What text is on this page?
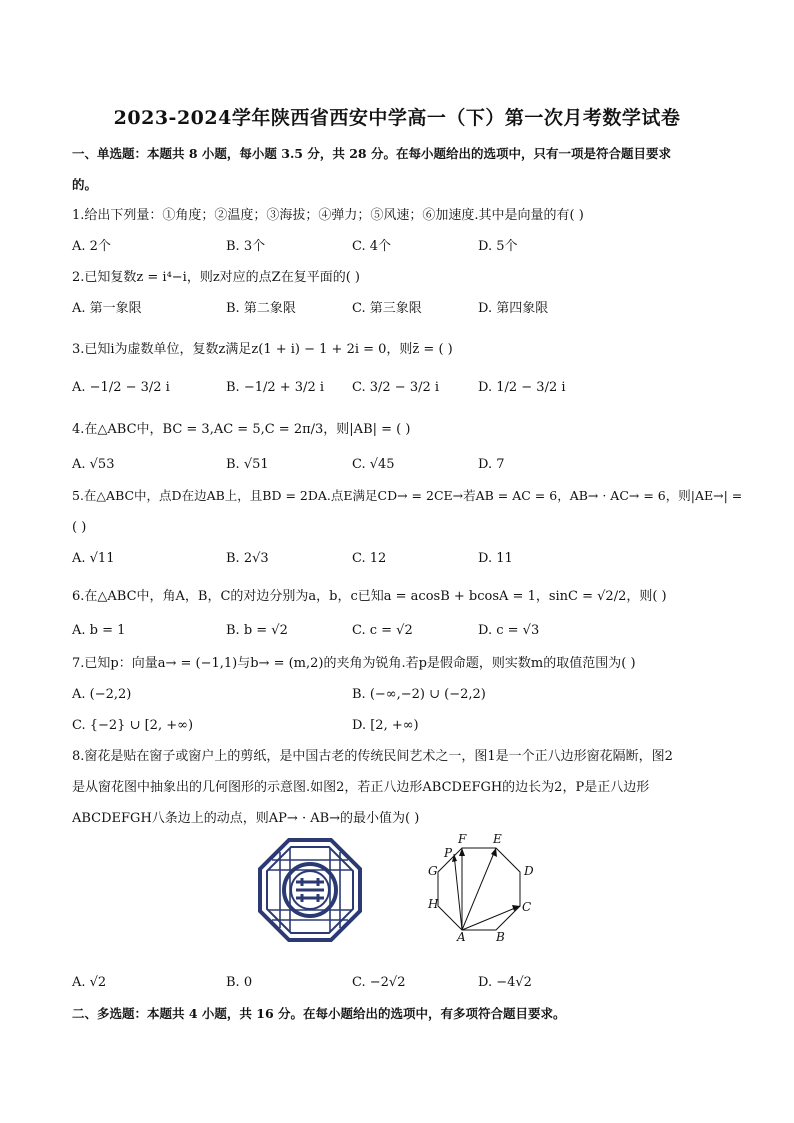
2023-2024学年陕西省西安中学高一（下）第一次月考数学试卷
一、单选题：本题共 8 小题，每小题 3.5 分，共 28 分。在每小题给出的选项中，只有一项是符合题目要求
的。
1.给出下列量：①角度；②温度；③海拔；④弹力；⑤风速；⑥加速度.其中是向量的有( )
A. 2个	B. 3个	C. 4个	D. 5个
2.已知复数z = i⁴−i，则z对应的点Z在复平面的( )
A. 第一象限	B. 第二象限	C. 第三象限	D. 第四象限
3.已知i为虚数单位，复数z满足z(1 + i) − 1 + 2i = 0，则z̄ = ( )
A. −1/2 − 3/2 i	B. −1/2 + 3/2 i C. 3/2 − 3/2 i	D. 1/2 − 3/2 i
4.在△ABC中，BC = 3,AC = 5,C = 2π/3，则|AB| = ( )
A. √53	B. √51	C. √45	D. 7
5.在△ABC中，点D在边AB上，且BD = 2DA.点E满足CD→ = 2CE→若AB = AC = 6，AB→ · AC→ = 6，则|AE→| =
( )
A. √11	B. 2√3	C. 12	D. 11
6.在△ABC中，角A，B，C的对边分别为a，b，c已知a = acosB + bcosA = 1，sinC = √2/2，则( )
A. b = 1	B. b = √2	C. c = √2	D. c = √3
7.已知p：向量a→ = (−1,1)与b→ = (m,2)的夹角为锐角.若p是假命题，则实数m的取值范围为( )
A. (−2,2)	B. (−∞,−2) ∪ (−2,2)
C. {−2} ∪ [2, +∞)	D. [2, +∞)
8.窗花是贴在窗子或窗户上的剪纸，是中国古老的传统民间艺术之一，图1是一个正八边形窗花隔断，图2
是从窗花图中抽象出的几何图形的示意图.如图2，若正八边形ABCDEFGH的边长为2，P是正八边形
ABCDEFGH八条边上的动点，则AP→ · AB→的最小值为( )
F E
P
G	D
H	C
A	B
A. √2	B. 0	C. −2√2	D. −4√2
二、多选题：本题共 4 小题，共 16 分。在每小题给出的选项中，有多项符合题目要求。
